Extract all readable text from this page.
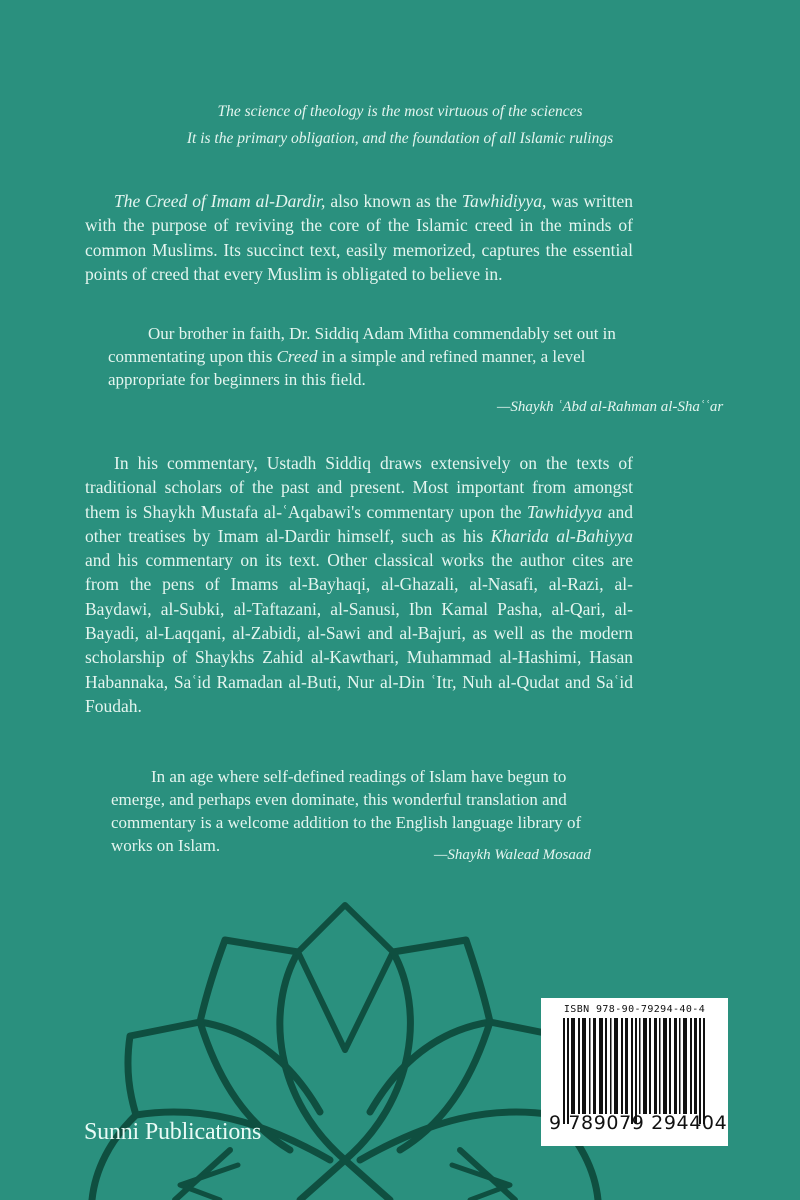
The science of theology is the most virtuous of the sciences
It is the primary obligation, and the foundation of all Islamic rulings
The Creed of Imam al-Dardir, also known as the Tawhidiyya, was written with the purpose of reviving the core of the Islamic creed in the minds of common Muslims. Its succinct text, easily memorized, captures the essential points of creed that every Muslim is obligated to believe in.
Our brother in faith, Dr. Siddiq Adam Mitha commendably set out in commentating upon this Creed in a simple and refined manner, a level appropriate for beginners in this field.
—Shaykh ʿAbd al-Rahman al-Shaʿʿar
In his commentary, Ustadh Siddiq draws extensively on the texts of traditional scholars of the past and present. Most important from amongst them is Shaykh Mustafa al-ʿAqabawi's commentary upon the Tawhidyya and other treatises by Imam al-Dardir himself, such as his Kharida al-Bahiyya and his commentary on its text. Other classical works the author cites are from the pens of Imams al-Bayhaqi, al-Ghazali, al-Nasafi, al-Razi, al-Baydawi, al-Subki, al-Taftazani, al-Sanusi, Ibn Kamal Pasha, al-Qari, al-Bayadi, al-Laqqani, al-Zabidi, al-Sawi and al-Bajuri, as well as the modern scholarship of Shaykhs Zahid al-Kawthari, Muhammad al-Hashimi, Hasan Habannaka, Saʿid Ramadan al-Buti, Nur al-Din ʿItr, Nuh al-Qudat and Saʿid Foudah.
In an age where self-defined readings of Islam have begun to emerge, and perhaps even dominate, this wonderful translation and commentary is a welcome addition to the English language library of works on Islam.	—Shaykh Walead Mosaad
Sunni Publications
ISBN 978-90-79294-40-4
9 789079 294404
